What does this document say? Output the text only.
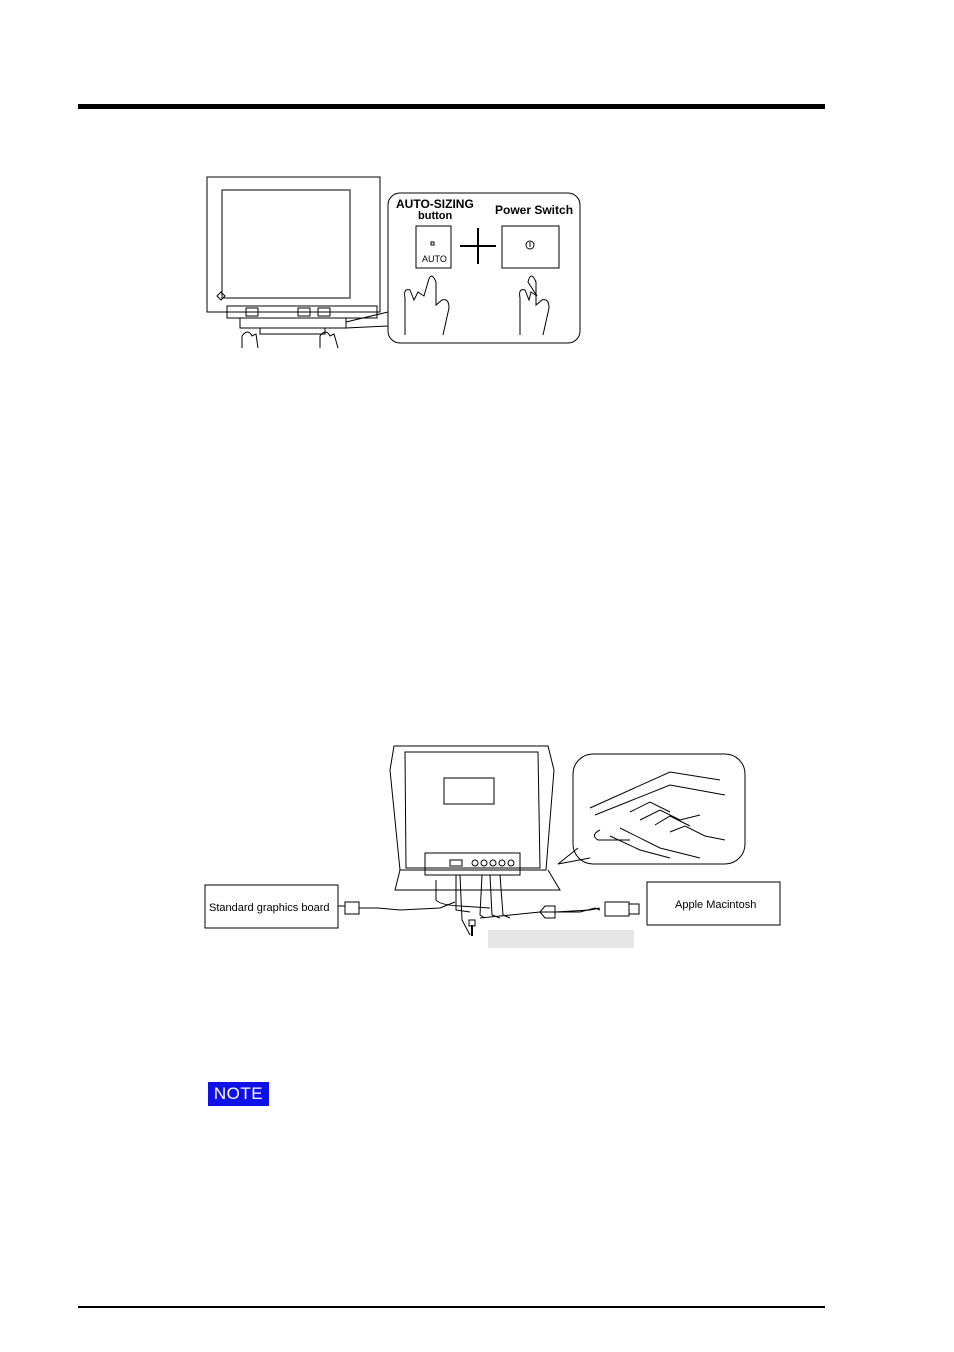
AUTO-SIZING
button	Power Switch
AUTO
Standard graphics board	Apple Macintosh
NOTE
